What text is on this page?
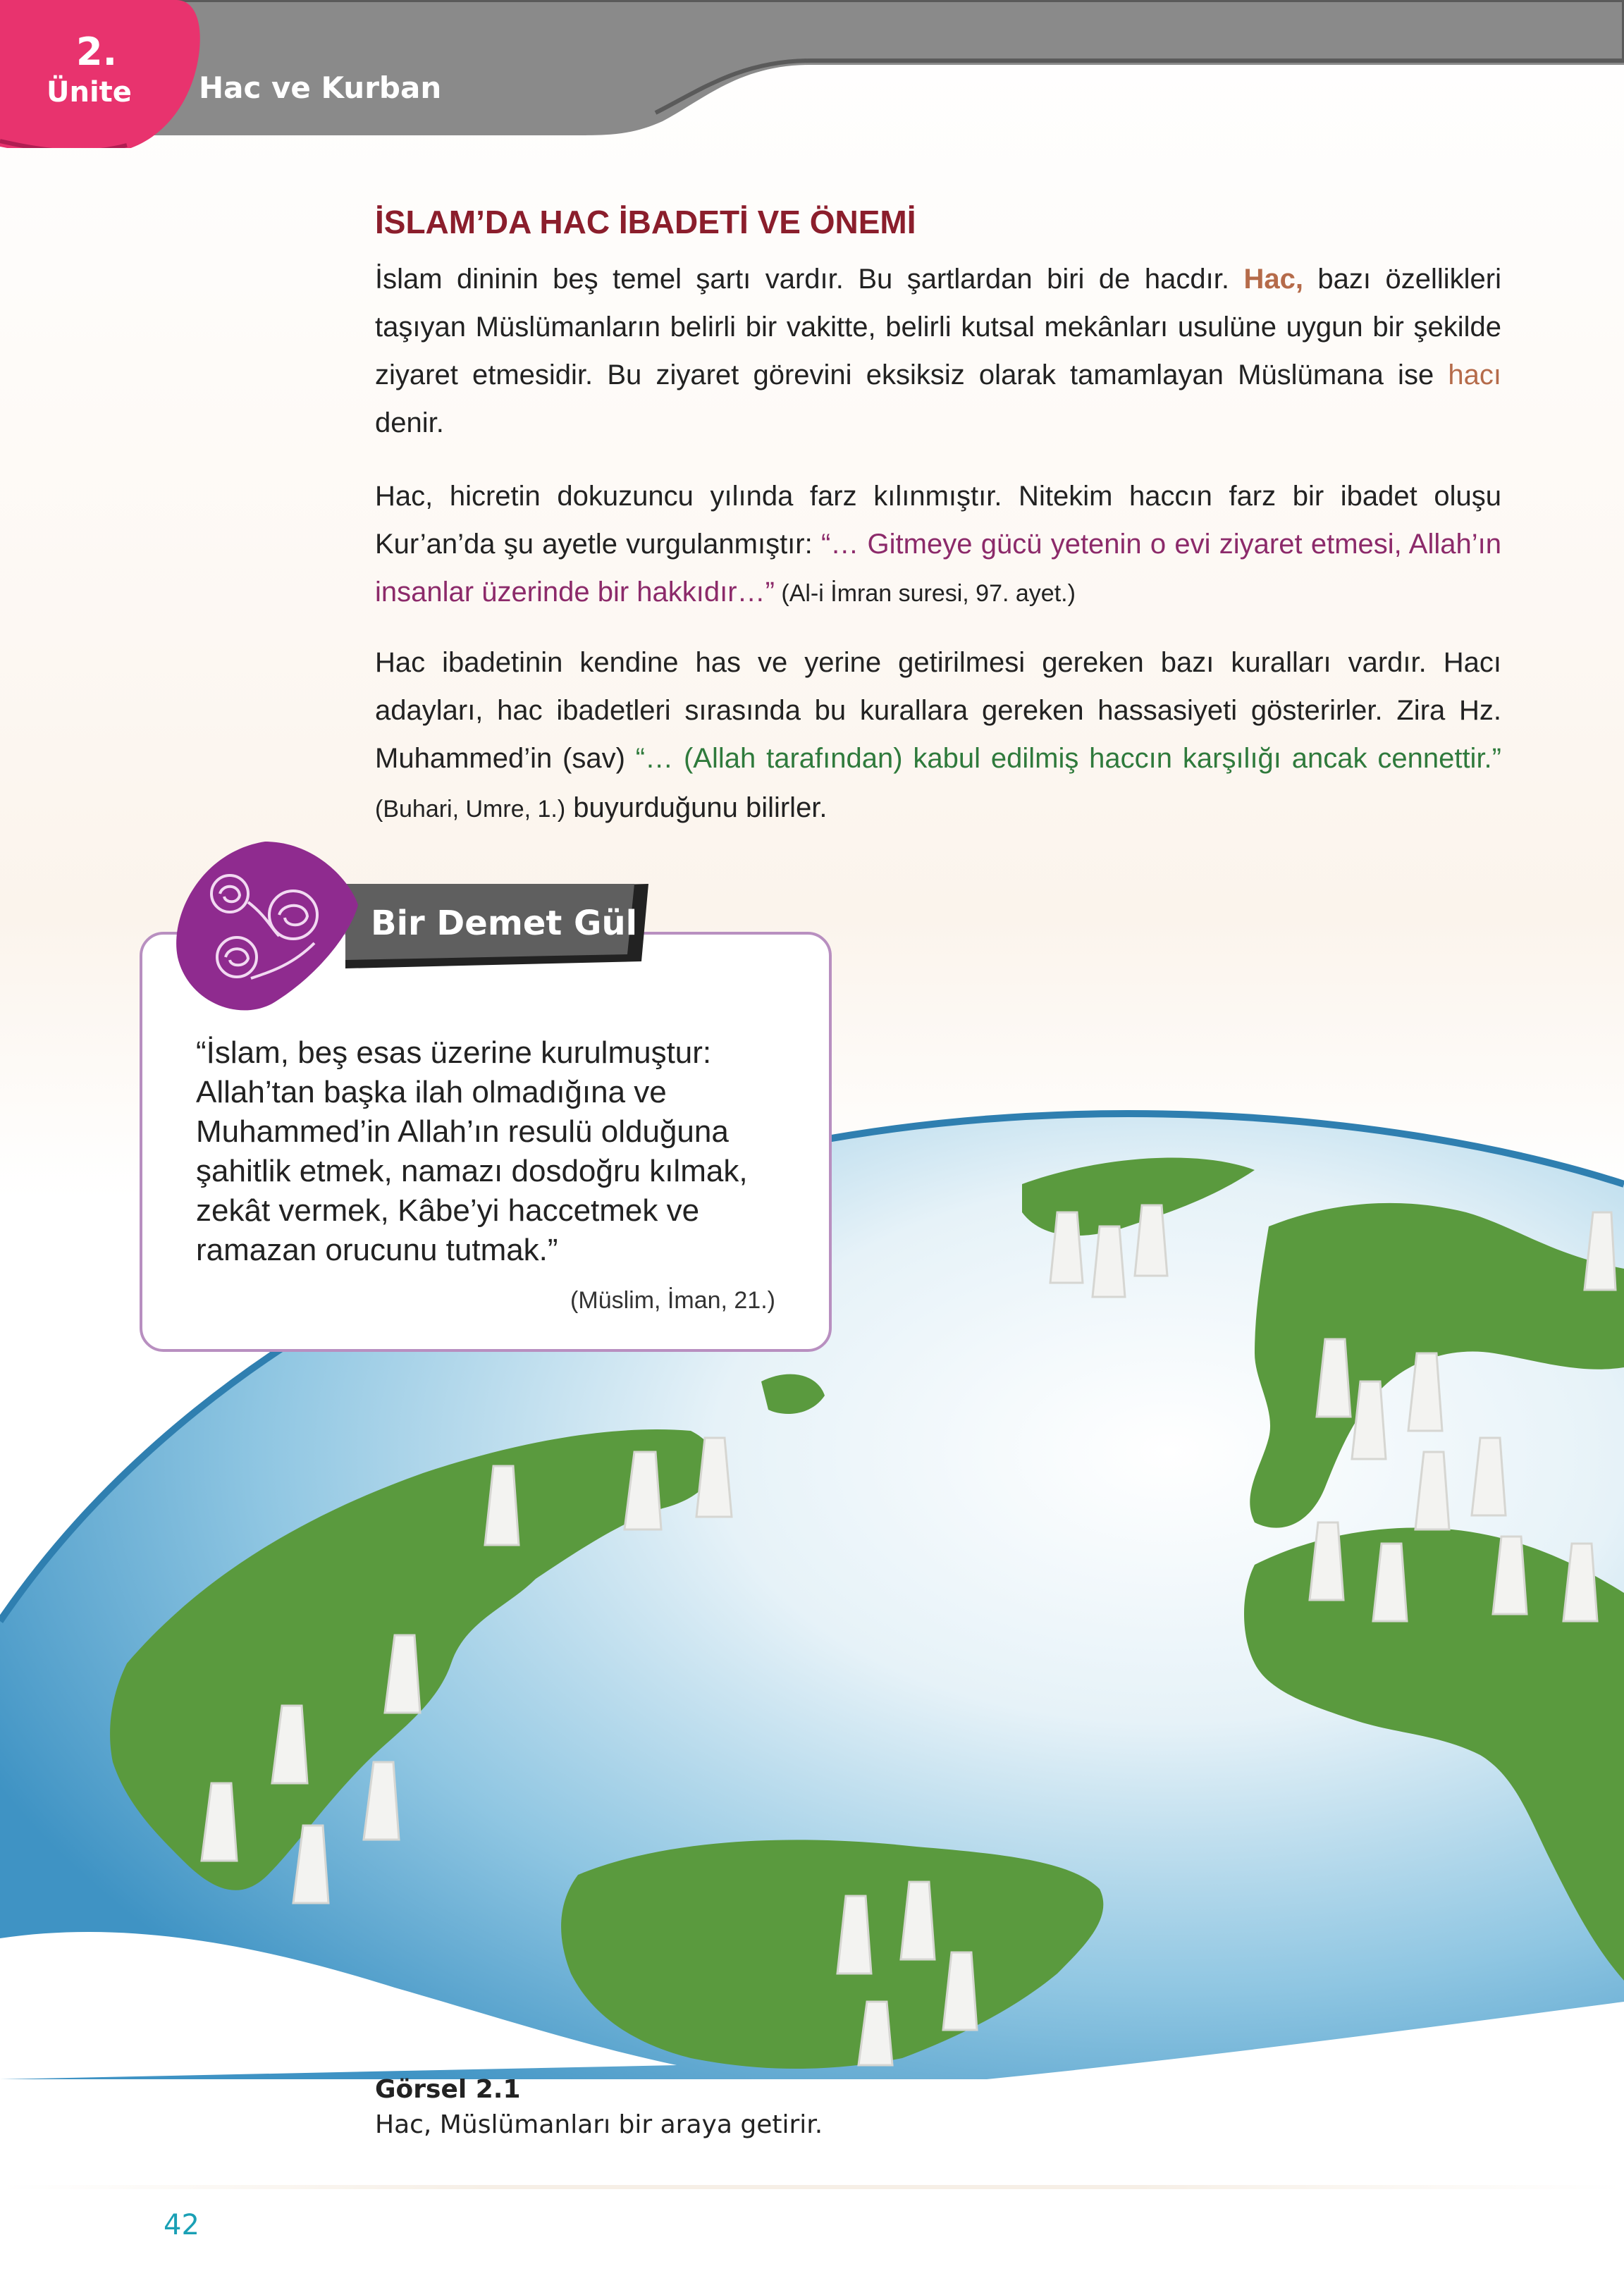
2.
Ünite Hac ve Kurban
İSLAM’DA HAC İBADETİ VE ÖNEMİ

İslam dininin beş temel şartı vardır. Bu şartlardan biri de hacdır. Hac, bazı özellikleri taşıyan Müslümanların belirli bir vakitte, belirli kutsal mekânları usulüne uygun bir şekilde ziyaret etmesidir. Bu ziyaret görevini eksiksiz olarak tamamlayan Müslümana ise hacı denir.

Hac, hicretin dokuzuncu yılında farz kılınmıştır. Nitekim haccın farz bir ibadet oluşu Kur’an’da şu ayetle vurgulanmıştır: “… Gitmeye gücü yetenin o evi ziyaret etmesi, Allah’ın insanlar üzerinde bir hakkıdır…” (Al-i İmran suresi, 97. ayet.)

Hac ibadetinin kendine has ve yerine getirilmesi gereken bazı kuralları vardır. Hacı adayları, hac ibadetleri sırasında bu kurallara gereken hassasiyeti gösterirler. Zira Hz. Muhammed’in (sav) “… (Allah tarafından) kabul edilmiş haccın karşılığı ancak cennettir.” (Buhari, Umre, 1.) buyurduğunu bilirler.

“İslam, beş esas üzerine kurulmuştur: Allah’tan başka ilah olmadığına ve Muhammed’in Allah’ın resulü olduğuna şahitlik etmek, namazı dosdoğru kılmak, zekât vermek, Kâbe’yi haccetmek ve ramazan orucunu tutmak.”

(Müslim, İman, 21.)
Bir Demet Gül
Görsel 2.1
Hac, Müslümanları bir araya getirir.
42
